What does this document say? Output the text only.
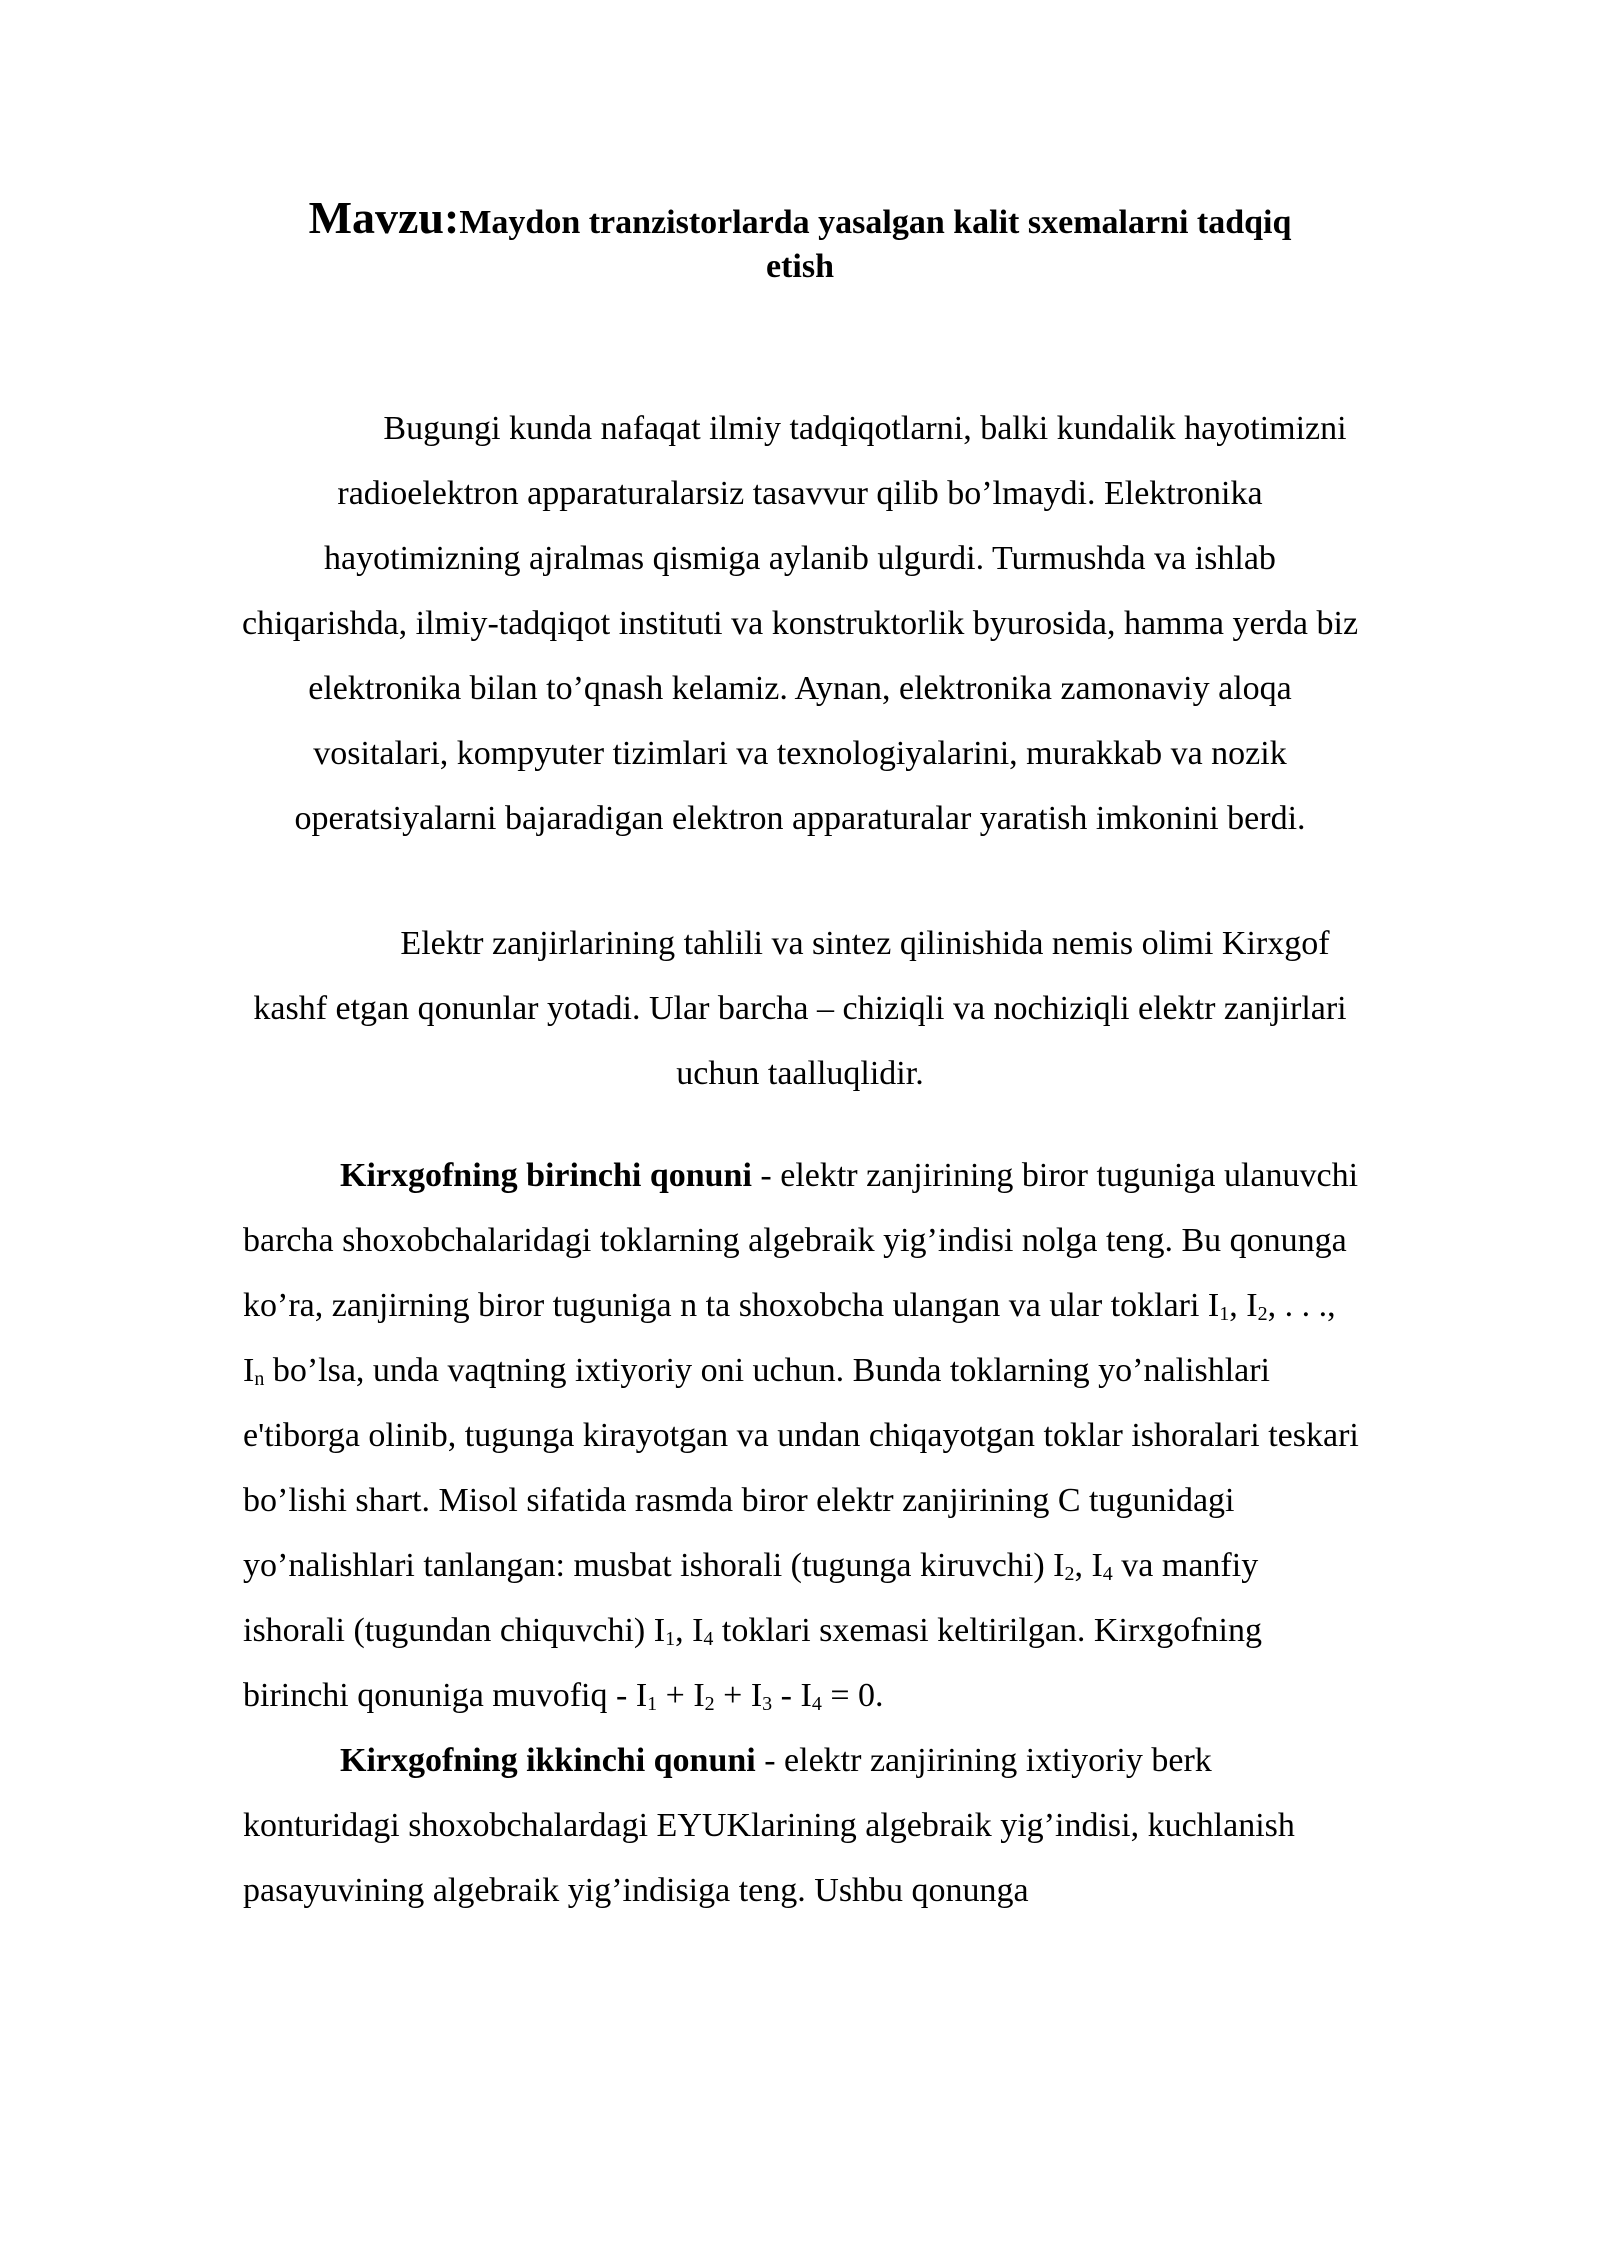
Mavzu:Maydon tranzistorlarda yasalgan kalit sxemalarni tadqiq
etish
Bugungi kunda nafaqat ilmiy tadqiqotlarni, balki kundalik hayotimizni radioelektron apparaturalarsiz tasavvur qilib bo’lmaydi. Elektronika hayotimizning ajralmas qismiga aylanib ulgurdi. Turmushda va ishlab chiqarishda, ilmiy-tadqiqot instituti va konstruktorlik byurosida, hamma yerda biz elektronika bilan to’qnash kelamiz. Aynan, elektronika zamonaviy aloqa vositalari, kompyuter tizimlari va texnologiyalarini, murakkab va nozik operatsiyalarni bajaradigan elektron apparaturalar yaratish imkonini berdi.
Elektr zanjirlarining tahlili va sintez qilinishida nemis olimi Kirxgof kashf etgan qonunlar yotadi. Ular barcha – chiziqli va nochiziqli elektr zanjirlari uchun taalluqlidir.

Kirxgofning birinchi qonuni - elektr zanjirining biror tuguniga ulanuvchi barcha shoxobchalaridagi toklarning algebraik yig’indisi nolga teng. Bu qonunga ko’ra, zanjirning biror tuguniga n ta shoxobcha ulangan va ular toklari $I_1$, $I_2$, . . ., $I_n$ bo’lsa, unda vaqtning ixtiyoriy oni uchun. Bunda toklarning yo’nalishlari e'tiborga olinib, tugunga kirayotgan va undan chiqayotgan toklar ishoralari teskari bo’lishi shart. Misol sifatida rasmda biror elektr zanjirining C tugunidagi yo’nalishlari tanlangan: musbat ishorali (tugunga kiruvchi) $I_2$, $I_4$ va manfiy ishorali (tugundan chiquvchi) $I_1$, $I_4$ toklari sxemasi keltirilgan. Kirxgofning birinchi qonuniga muvofiq - $I_1 + I_2 + I_3 - I_4 = 0$.

Kirxgofning ikkinchi qonuni - elektr zanjirining ixtiyoriy berk konturidagi shoxobchalardagi EYUKlarining algebraik yig’indisi, kuchlanish pasayuvining algebraik yig’indisiga teng. Ushbu qonunga
